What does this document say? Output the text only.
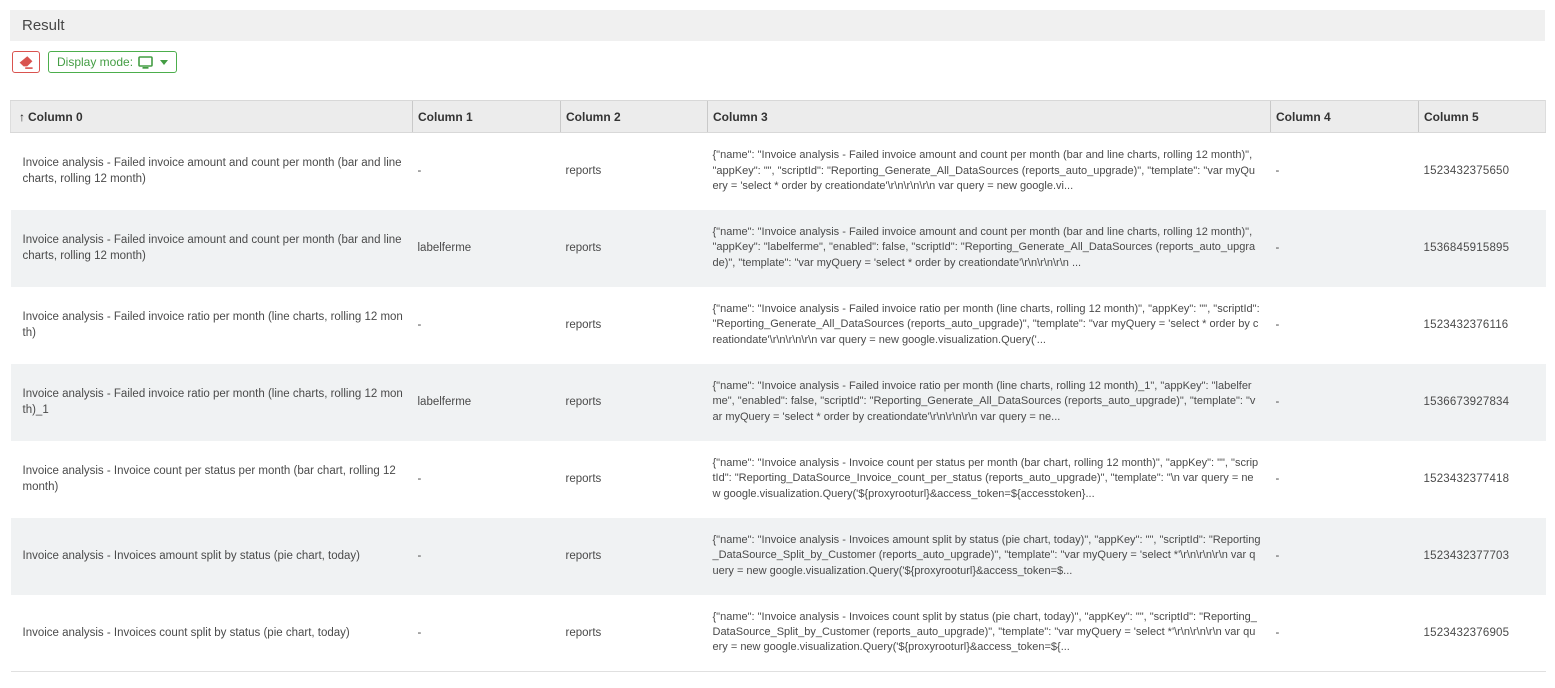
Result
Display mode:
↑ Column 0	Column 1	Column 2	Column 3	Column 4	Column 5
Invoice analysis - Failed invoice amount and count per month (bar and line charts, rolling 12 month)	-	reports	{"name": "Invoice analysis - Failed invoice amount and count per month (bar and line charts, rolling 12 month)", "appKey": "", "scriptId": "Reporting_Generate_All_DataSources (reports_auto_upgrade)", "template": "var myQuery = 'select * order by creationdate'\r\n\r\n\r\n var query = new google.vi...	-	1523432375650
Invoice analysis - Failed invoice amount and count per month (bar and line charts, rolling 12 month)	labelferme	reports	{"name": "Invoice analysis - Failed invoice amount and count per month (bar and line charts, rolling 12 month)", "appKey": "labelferme", "enabled": false, "scriptId": "Reporting_Generate_All_DataSources (reports_auto_upgrade)", "template": "var myQuery = 'select * order by creationdate'\r\n\r\n\r\n ...	-	1536845915895
Invoice analysis - Failed invoice ratio per month (line charts, rolling 12 month)	-	reports	{"name": "Invoice analysis - Failed invoice ratio per month (line charts, rolling 12 month)", "appKey": "", "scriptId": "Reporting_Generate_All_DataSources (reports_auto_upgrade)", "template": "var myQuery = 'select * order by creationdate'\r\n\r\n\r\n var query = new google.visualization.Query('...	-	1523432376116
Invoice analysis - Failed invoice ratio per month (line charts, rolling 12 month)_1	labelferme	reports	{"name": "Invoice analysis - Failed invoice ratio per month (line charts, rolling 12 month)_1", "appKey": "labelferme", "enabled": false, "scriptId": "Reporting_Generate_All_DataSources (reports_auto_upgrade)", "template": "var myQuery = 'select * order by creationdate'\r\n\r\n\r\n var query = ne...	-	1536673927834
Invoice analysis - Invoice count per status per month (bar chart, rolling 12 month)	-	reports	{"name": "Invoice analysis - Invoice count per status per month (bar chart, rolling 12 month)", "appKey": "", "scriptId": "Reporting_DataSource_Invoice_count_per_status (reports_auto_upgrade)", "template": "\n var query = new google.visualization.Query('${proxyrooturl}&access_token=${accesstoken}...	-	1523432377418
Invoice analysis - Invoices amount split by status (pie chart, today)	-	reports	{"name": "Invoice analysis - Invoices amount split by status (pie chart, today)", "appKey": "", "scriptId": "Reporting_DataSource_Split_by_Customer (reports_auto_upgrade)", "template": "var myQuery = 'select *'\r\n\r\n\r\n var query = new google.visualization.Query('${proxyrooturl}&access_token=$...	-	1523432377703
Invoice analysis - Invoices count split by status (pie chart, today)	-	reports	{"name": "Invoice analysis - Invoices count split by status (pie chart, today)", "appKey": "", "scriptId": "Reporting_DataSource_Split_by_Customer (reports_auto_upgrade)", "template": "var myQuery = 'select *'\r\n\r\n\r\n var query = new google.visualization.Query('${proxyrooturl}&access_token=${...	-	1523432376905
